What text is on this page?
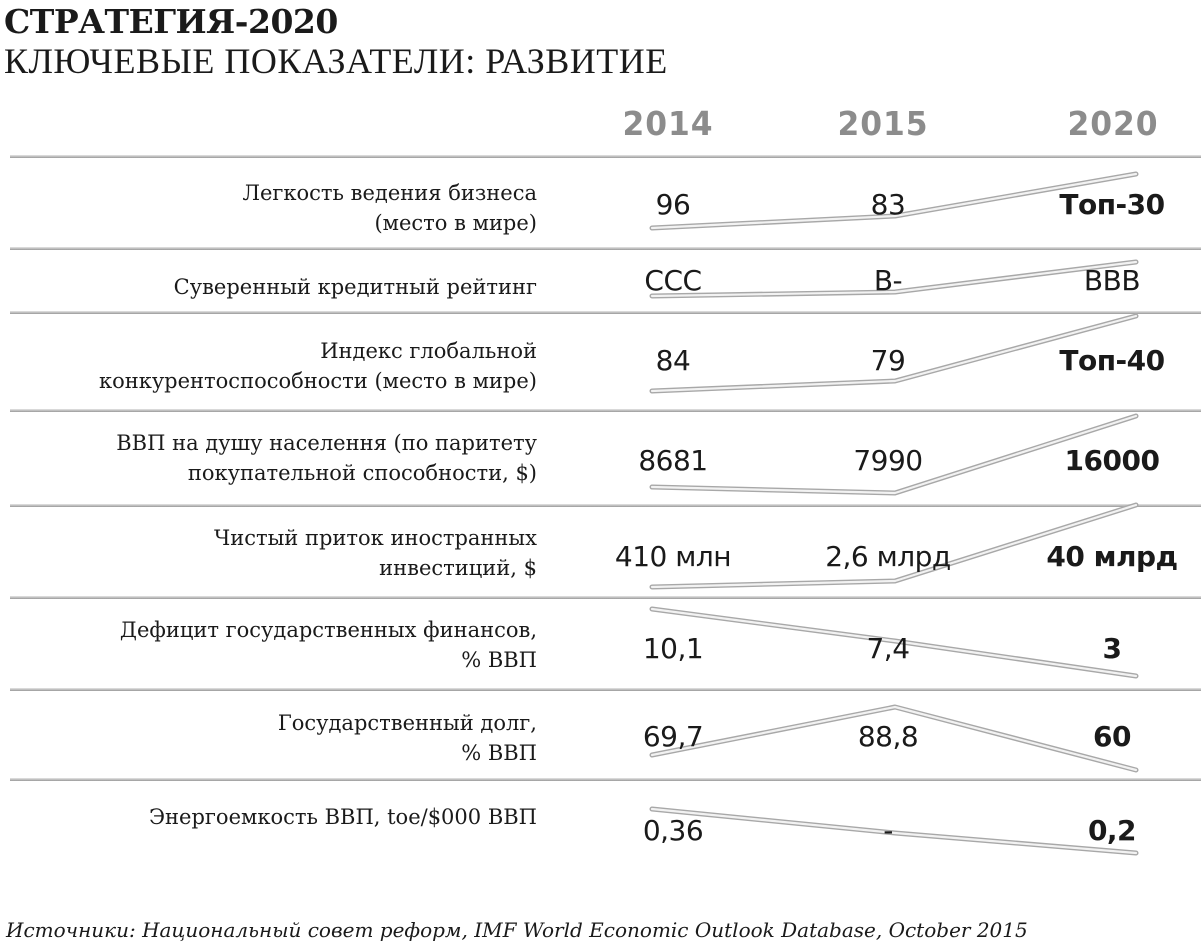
СТРАТЕГИЯ-2020
КЛЮЧЕВЫЕ ПОКАЗАТЕЛИ: РАЗВИТИЕ
2014	2015	2020
Легкость ведения бизнеса
(место в мире)
96	83	Топ-30
Суверенный кредитный рейтинг	CCC	B-	BBB
Индекс глобальной
конкурентоспособности (место в мире)
84	79	Топ-40
ВВП на душу населення (по паритету
покупательной способности, $)	8681	7990	16000
Чистый приток иностранных
инвестиций, $	410 млн	2,6 млрд	40 млрд
Дефицит государственных финансов,
% ВВП	10,1	7,4	3
Государственный долг,
% ВВП	69,7	88,8	60
Энергоемкость ВВП, toe/$000 ВВП	0,36	-	0,2
Источники: Национальный совет реформ, IMF World Economic Outlook Database, October 2015
